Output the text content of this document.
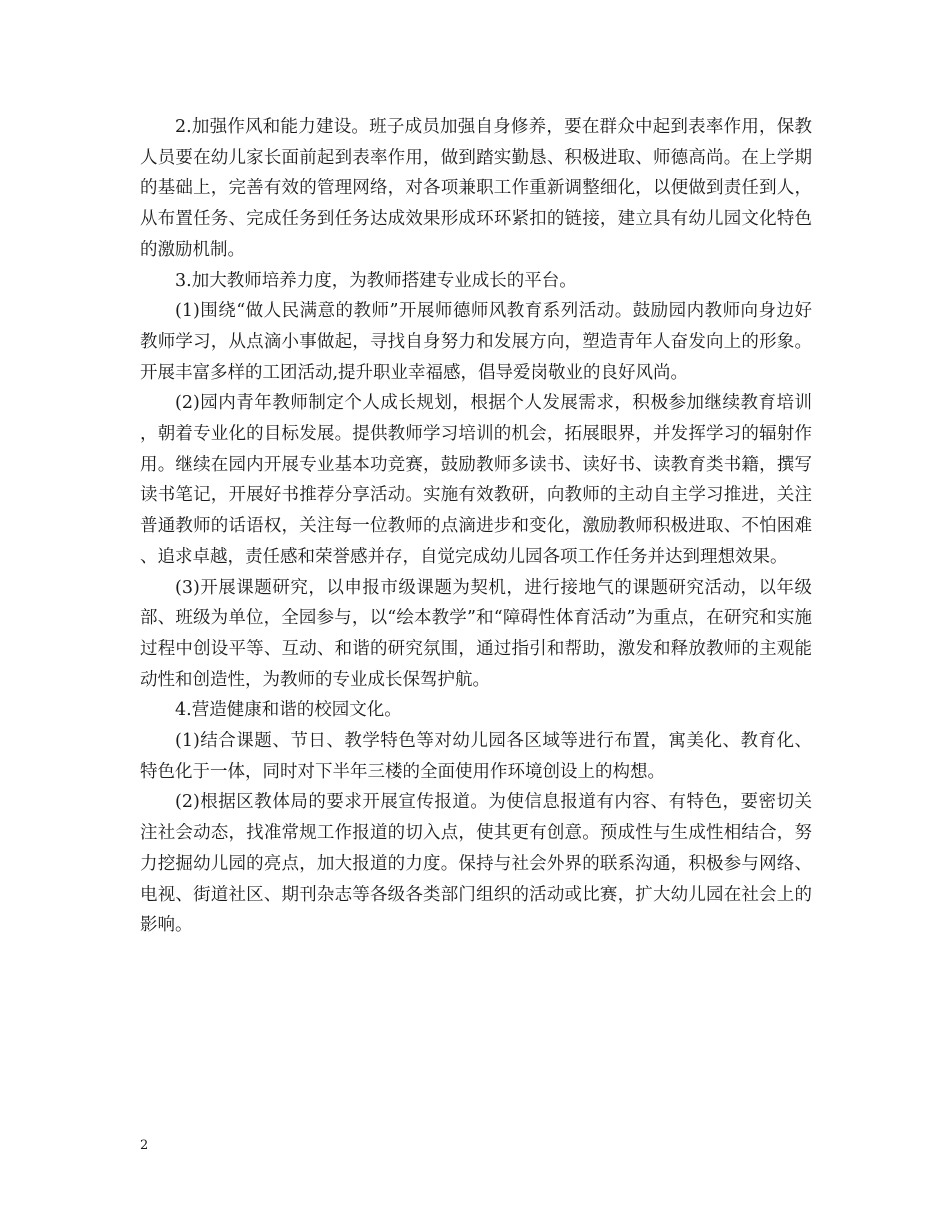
2.加强作风和能力建设。班子成员加强自身修养，要在群众中起到表率作用，保教人员要在幼儿家长面前起到表率作用，做到踏实勤恳、积极进取、师德高尚。在上学期的基础上，完善有效的管理网络，对各项兼职工作重新调整细化，以便做到责任到人，从布置任务、完成任务到任务达成效果形成环环紧扣的链接，建立具有幼儿园文化特色的激励机制。

3.加大教师培养力度，为教师搭建专业成长的平台。

(1)围绕“做人民满意的教师”开展师德师风教育系列活动。鼓励园内教师向身边好教师学习，从点滴小事做起，寻找自身努力和发展方向，塑造青年人奋发向上的形象。开展丰富多样的工团活动,提升职业幸福感，倡导爱岗敬业的良好风尚。

(2)园内青年教师制定个人成长规划，根据个人发展需求，积极参加继续教育培训，朝着专业化的目标发展。提供教师学习培训的机会，拓展眼界，并发挥学习的辐射作用。继续在园内开展专业基本功竞赛，鼓励教师多读书、读好书、读教育类书籍，撰写读书笔记，开展好书推荐分享活动。实施有效教研，向教师的主动自主学习推进，关注普通教师的话语权，关注每一位教师的点滴进步和变化，激励教师积极进取、不怕困难、追求卓越，责任感和荣誉感并存，自觉完成幼儿园各项工作任务并达到理想效果。

(3)开展课题研究，以申报市级课题为契机，进行接地气的课题研究活动，以年级部、班级为单位，全园参与，以“绘本教学”和“障碍性体育活动”为重点，在研究和实施过程中创设平等、互动、和谐的研究氛围，通过指引和帮助，激发和释放教师的主观能动性和创造性，为教师的专业成长保驾护航。

4.营造健康和谐的校园文化。

(1)结合课题、节日、教学特色等对幼儿园各区域等进行布置，寓美化、教育化、特色化于一体，同时对下半年三楼的全面使用作环境创设上的构想。

(2)根据区教体局的要求开展宣传报道。为使信息报道有内容、有特色，要密切关注社会动态，找准常规工作报道的切入点，使其更有创意。预成性与生成性相结合，努力挖掘幼儿园的亮点，加大报道的力度。保持与社会外界的联系沟通，积极参与网络、电视、街道社区、期刊杂志等各级各类部门组织的活动或比赛，扩大幼儿园在社会上的影响。

2
